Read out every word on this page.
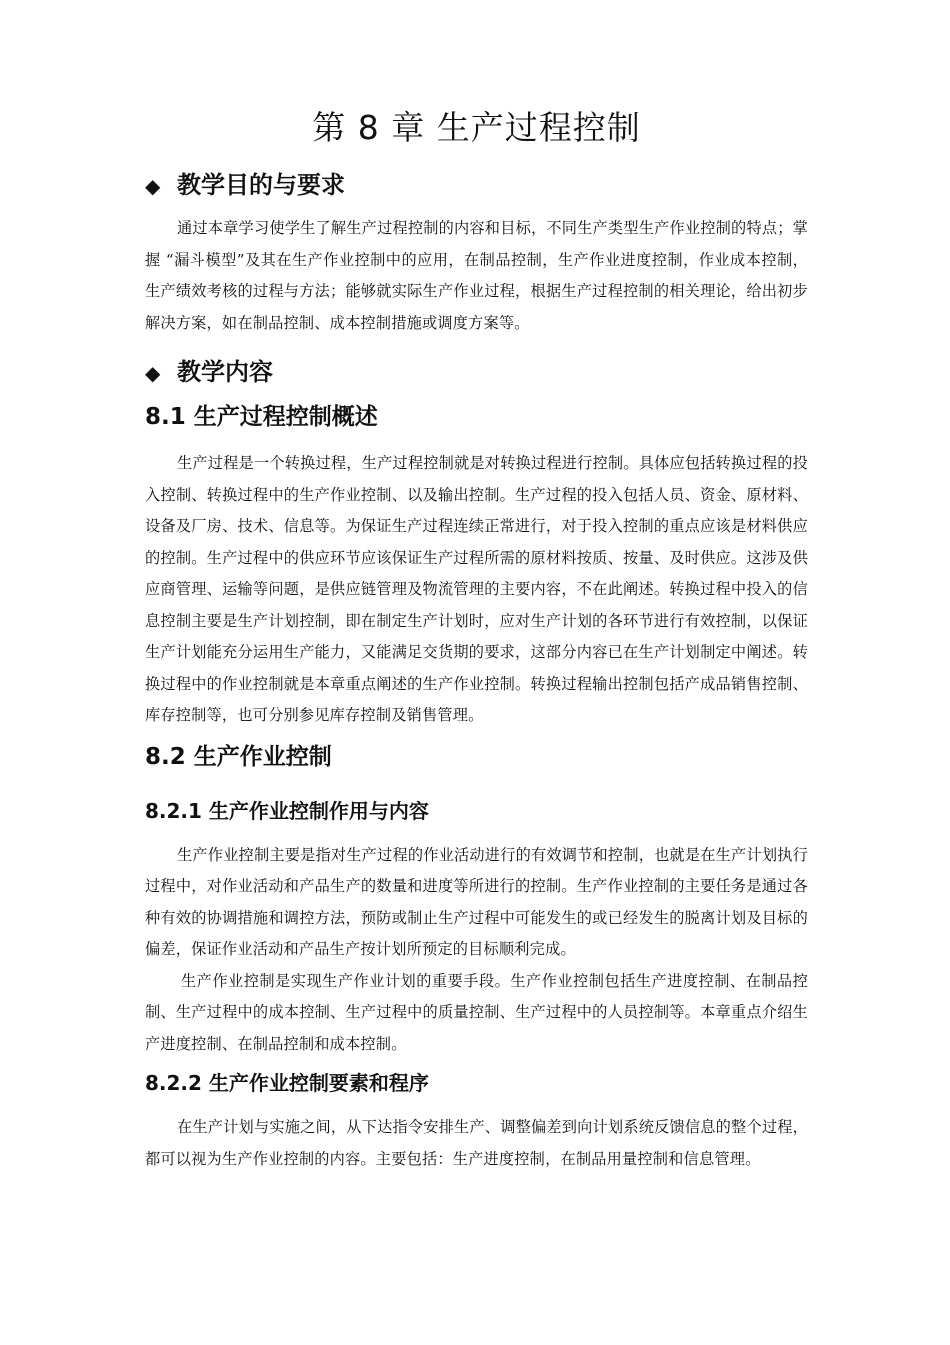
第 8 章 生产过程控制
◆ 教学目的与要求

通过本章学习使学生了解生产过程控制的内容和目标，不同生产类型生产作业控制的特点；掌握 “漏斗模型”及其在生产作业控制中的应用，在制品控制，生产作业进度控制，作业成本控制，生产绩效考核的过程与方法；能够就实际生产作业过程，根据生产过程控制的相关理论，给出初步解决方案，如在制品控制、成本控制措施或调度方案等。

◆ 教学内容
8.1 生产过程控制概述

生产过程是一个转换过程，生产过程控制就是对转换过程进行控制。具体应包括转换过程的投入控制、转换过程中的生产作业控制、以及输出控制。生产过程的投入包括人员、资金、原材料、设备及厂房、技术、信息等。为保证生产过程连续正常进行，对于投入控制的重点应该是材料供应的控制。生产过程中的供应环节应该保证生产过程所需的原材料按质、按量、及时供应。这涉及供应商管理、运输等问题，是供应链管理及物流管理的主要内容，不在此阐述。转换过程中投入的信息控制主要是生产计划控制，即在制定生产计划时，应对生产计划的各环节进行有效控制，以保证生产计划能充分运用生产能力，又能满足交货期的要求，这部分内容已在生产计划制定中阐述。转换过程中的作业控制就是本章重点阐述的生产作业控制。转换过程输出控制包括产成品销售控制、库存控制等，也可分别参见库存控制及销售管理。

8.2 生产作业控制
8.2.1 生产作业控制作用与内容

生产作业控制主要是指对生产过程的作业活动进行的有效调节和控制，也就是在生产计划执行过程中，对作业活动和产品生产的数量和进度等所进行的控制。生产作业控制的主要任务是通过各种有效的协调措施和调控方法，预防或制止生产过程中可能发生的或已经发生的脱离计划及目标的偏差，保证作业活动和产品生产按计划所预定的目标顺利完成。

生产作业控制是实现生产作业计划的重要手段。生产作业控制包括生产进度控制、在制品控制、生产过程中的成本控制、生产过程中的质量控制、生产过程中的人员控制等。本章重点介绍生产进度控制、在制品控制和成本控制。

8.2.2 生产作业控制要素和程序

在生产计划与实施之间，从下达指令安排生产、调整偏差到向计划系统反馈信息的整个过程，都可以视为生产作业控制的内容。主要包括：生产进度控制，在制品用量控制和信息管理。
